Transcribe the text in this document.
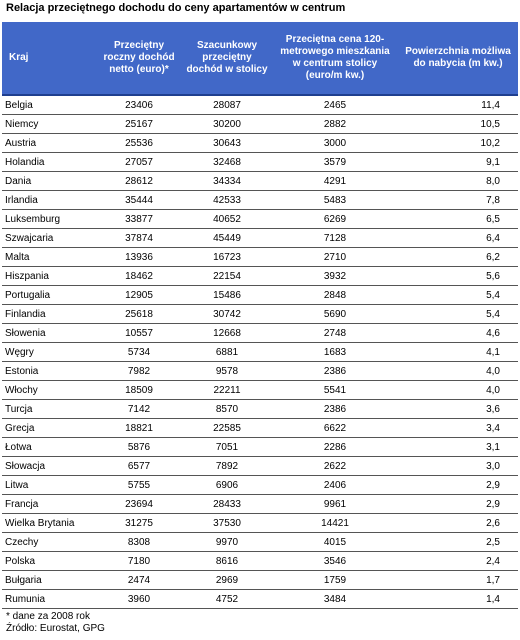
Relacja przeciętnego dochodu do ceny apartamentów w centrum
Kraj	Przeciętny roczny dochód netto (euro)*	Szacunkowy przeciętny dochód w stolicy	Przeciętna cena 120-metrowego mieszkania w centrum stolicy (euro/m kw.)	Powierzchnia możliwa do nabycia (m kw.)
Belgia	23406	28087	2465	11,4
Niemcy	25167	30200	2882	10,5
Austria	25536	30643	3000	10,2
Holandia	27057	32468	3579	9,1
Dania	28612	34334	4291	8,0
Irlandia	35444	42533	5483	7,8
Luksemburg	33877	40652	6269	6,5
Szwajcaria	37874	45449	7128	6,4
Malta	13936	16723	2710	6,2
Hiszpania	18462	22154	3932	5,6
Portugalia	12905	15486	2848	5,4
Finlandia	25618	30742	5690	5,4
Słowenia	10557	12668	2748	4,6
Węgry	5734	6881	1683	4,1
Estonia	7982	9578	2386	4,0
Włochy	18509	22211	5541	4,0
Turcja	7142	8570	2386	3,6
Grecja	18821	22585	6622	3,4
Łotwa	5876	7051	2286	3,1
Słowacja	6577	7892	2622	3,0
Litwa	5755	6906	2406	2,9
Francja	23694	28433	9961	2,9
Wielka Brytania	31275	37530	14421	2,6
Czechy	8308	9970	4015	2,5
Polska	7180	8616	3546	2,4
Bułgaria	2474	2969	1759	1,7
Rumunia	3960	4752	3484	1,4
* dane za 2008 rok
Źródło: Eurostat, GPG
